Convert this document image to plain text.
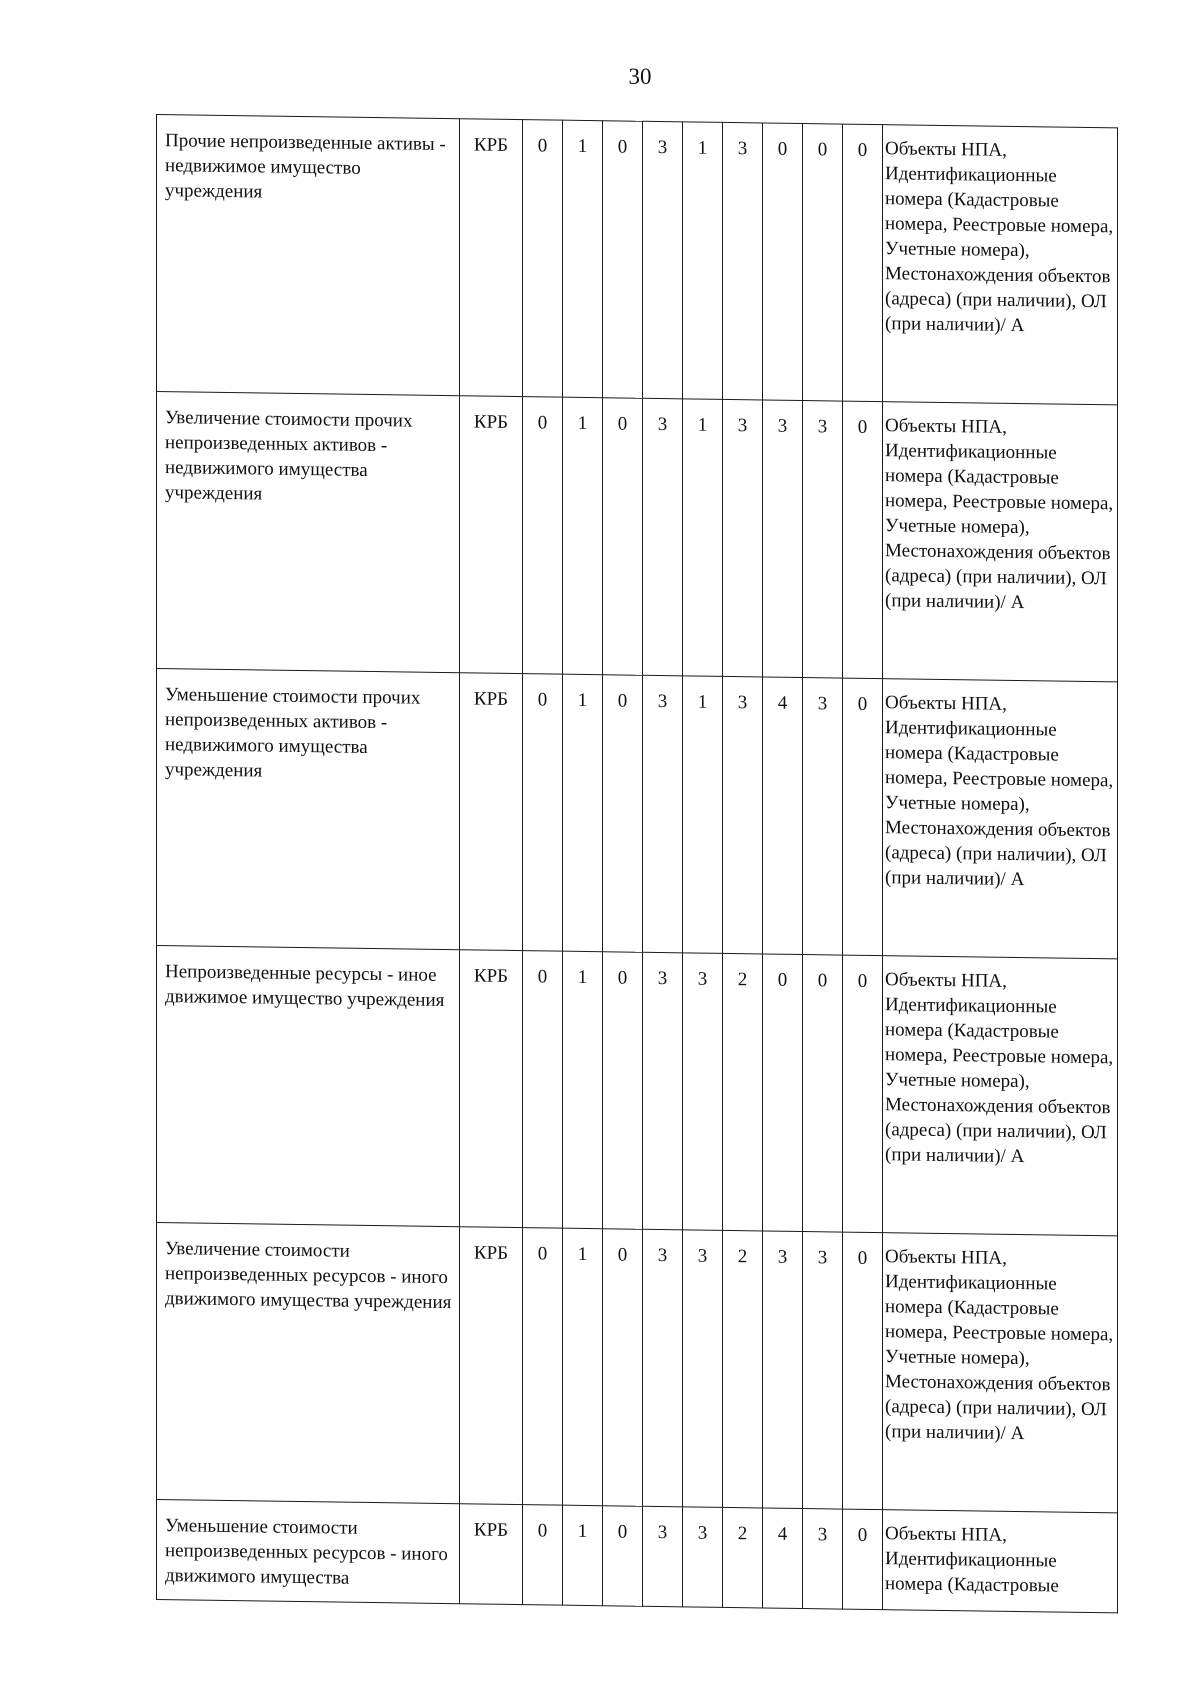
30
Прочие непроизведенные активы - недвижимое имущество учреждения	КРБ	0	1	0	3	1	3	0	0	0	Объекты НПА, Идентификационные номера (Кадастровые номера, Реестровые номера, Учетные номера), Местонахождения объектов (адреса) (при наличии), ОЛ (при наличии)/ А
Увеличение стоимости прочих непроизведенных активов - недвижимого имущества учреждения	КРБ	0	1	0	3	1	3	3	3	0	Объекты НПА, Идентификационные номера (Кадастровые номера, Реестровые номера, Учетные номера), Местонахождения объектов (адреса) (при наличии), ОЛ (при наличии)/ А
Уменьшение стоимости прочих непроизведенных активов - недвижимого имущества учреждения	КРБ	0	1	0	3	1	3	4	3	0	Объекты НПА, Идентификационные номера (Кадастровые номера, Реестровые номера, Учетные номера), Местонахождения объектов (адреса) (при наличии), ОЛ (при наличии)/ А
Непроизведенные ресурсы - иное движимое имущество учреждения	КРБ	0	1	0	3	3	2	0	0	0	Объекты НПА, Идентификационные номера (Кадастровые номера, Реестровые номера, Учетные номера), Местонахождения объектов (адреса) (при наличии), ОЛ (при наличии)/ А
Увеличение стоимости непроизведенных ресурсов - иного движимого имущества учреждения	КРБ	0	1	0	3	3	2	3	3	0	Объекты НПА, Идентификационные номера (Кадастровые номера, Реестровые номера, Учетные номера), Местонахождения объектов (адреса) (при наличии), ОЛ (при наличии)/ А
Уменьшение стоимости непроизведенных ресурсов - иного движимого имущества	КРБ	0	1	0	3	3	2	4	3	0	Объекты НПА, Идентификационные номера (Кадастровые
